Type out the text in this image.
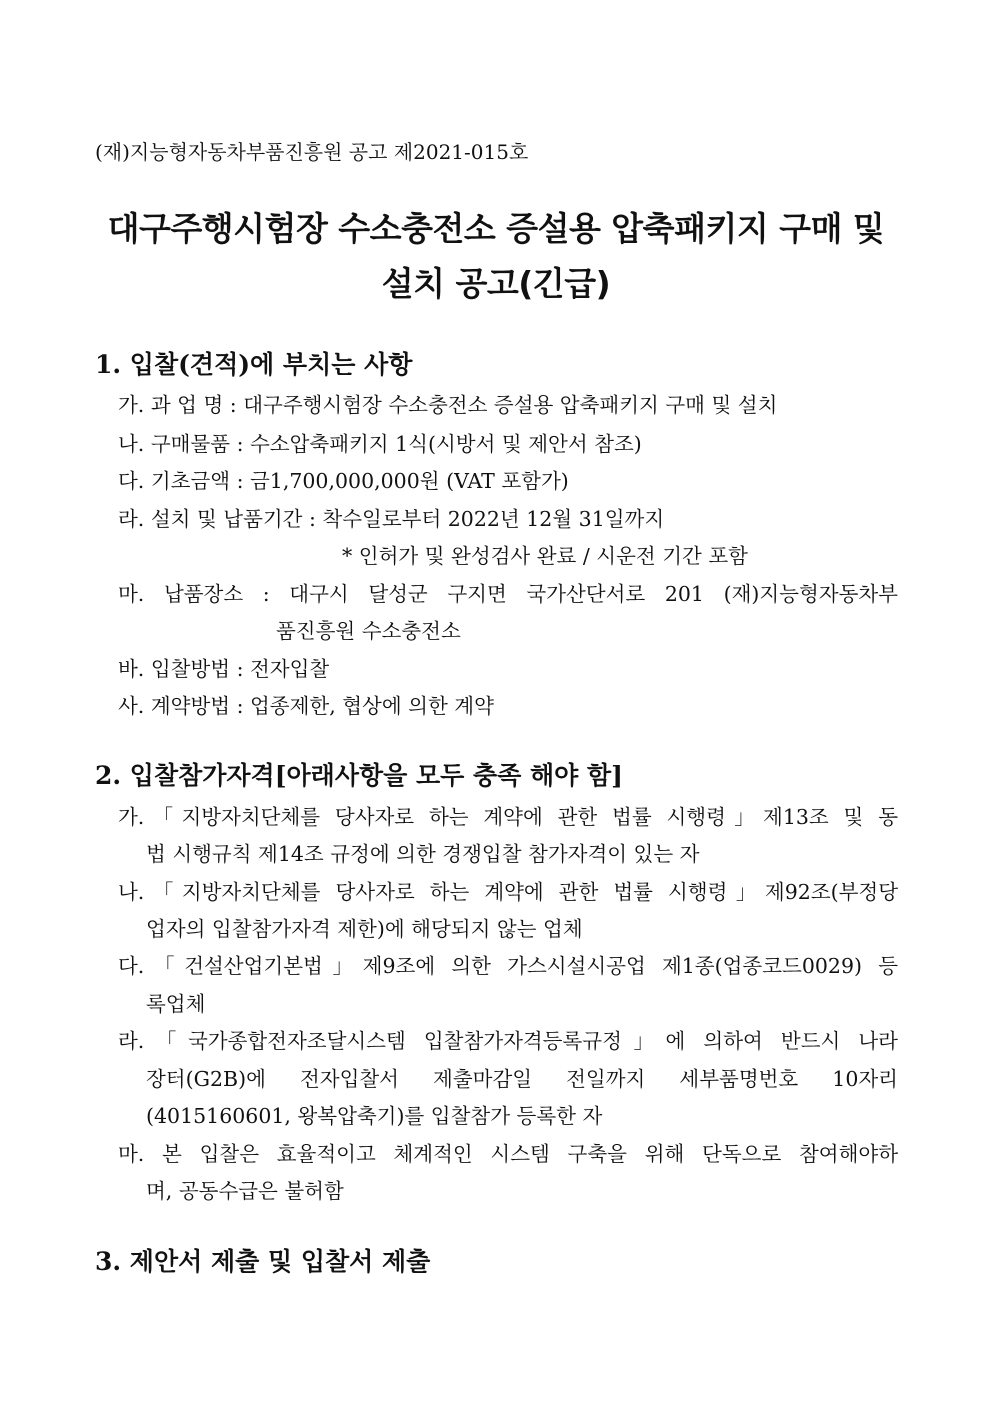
(재)지능형자동차부품진흥원 공고 제2021-015호
대구주행시험장 수소충전소 증설용 압축패키지 구매 및
설치 공고(긴급)
1. 입찰(견적)에 부치는 사항
가. 과 업 명 : 대구주행시험장 수소충전소 증설용 압축패키지 구매 및 설치
나. 구매물품 : 수소압축패키지 1식(시방서 및 제안서 참조)
다. 기초금액 : 금1,700,000,000원 (VAT 포함가)
라. 설치 및 납품기간 : 착수일로부터 2022년 12월 31일까지
* 인허가 및 완성검사 완료 / 시운전 기간 포함
마. 납품장소 : 대구시 달성군 구지면 국가산단서로 201 (재)지능형자동차부
품진흥원 수소충전소
바. 입찰방법 : 전자입찰
사. 계약방법 : 업종제한, 협상에 의한 계약
2. 입찰참가자격[아래사항을 모두 충족 해야 함]
가.「지방자치단체를 당사자로 하는 계약에 관한 법률 시행령」제13조 및 동
법 시행규칙 제14조 규정에 의한 경쟁입찰 참가자격이 있는 자
나.「지방자치단체를 당사자로 하는 계약에 관한 법률 시행령」제92조(부정당
업자의 입찰참가자격 제한)에 해당되지 않는 업체
다.「건설산업기본법」제9조에 의한 가스시설시공업 제1종(업종코드0029) 등
록업체
라.「국가종합전자조달시스템 입찰참가자격등록규정」에 의하여 반드시 나라
장터(G2B)에 전자입찰서 제출마감일 전일까지 세부품명번호 10자리
(4015160601, 왕복압축기)를 입찰참가 등록한 자
마. 본 입찰은 효율적이고 체계적인 시스템 구축을 위해 단독으로 참여해야하
며, 공동수급은 불허함
3. 제안서 제출 및 입찰서 제출
